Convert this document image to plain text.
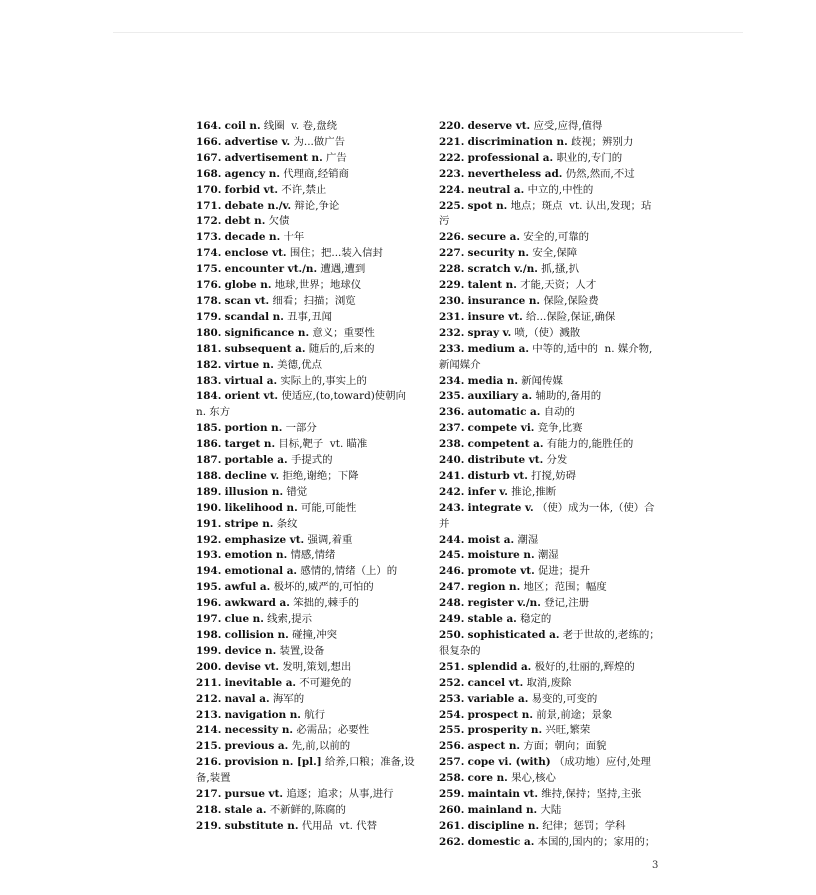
164. coil n. 线圈  v. 卷,盘绕
166. advertise v. 为...做广告
167. advertisement n. 广告
168. agency n. 代理商,经销商
170. forbid vt. 不许,禁止
171. debate n./v. 辩论,争论
172. debt n. 欠债
173. decade n. 十年
174. enclose vt. 围住；把...装入信封
175. encounter vt./n. 遭遇,遭到
176. globe n. 地球,世界；地球仪
178. scan vt. 细看；扫描；浏览
179. scandal n. 丑事,丑闻
180. significance n. 意义；重要性
181. subsequent a. 随后的,后来的
182. virtue n. 美德,优点
183. virtual a. 实际上的,事实上的
184. orient vt. 使适应,(to,toward)使朝向  n. 东方
185. portion n. 一部分
186. target n. 目标,靶子  vt. 瞄准
187. portable a. 手提式的
188. decline v. 拒绝,谢绝；下降
189. illusion n. 错觉
190. likelihood n. 可能,可能性
191. stripe n. 条纹
192. emphasize vt. 强调,着重
193. emotion n. 情感,情绪
194. emotional a. 感情的,情绪（上）的
195. awful a. 极坏的,威严的,可怕的
196. awkward a. 笨拙的,棘手的
197. clue n. 线索,提示
198. collision n. 碰撞,冲突
199. device n. 装置,设备
200. devise vt. 发明,策划,想出
211. inevitable a. 不可避免的
212. naval a. 海军的
213. navigation n. 航行
214. necessity n. 必需品；必要性
215. previous a. 先,前,以前的
216. provision n. [pl.] 给养,口粮；准备,设备,装置
217. pursue vt. 追逐；追求；从事,进行
218. stale a. 不新鲜的,陈腐的
219. substitute n. 代用品  vt. 代替
220. deserve vt. 应受,应得,值得
221. discrimination n. 歧视；辨别力
222. professional a. 职业的,专门的
223. nevertheless ad. 仍然,然而,不过
224. neutral a. 中立的,中性的
225. spot n. 地点；斑点  vt. 认出,发现；玷污
226. secure a. 安全的,可靠的
227. security n. 安全,保障
228. scratch v./n. 抓,搔,扒
229. talent n. 才能,天资；人才
230. insurance n. 保险,保险费
231. insure vt. 给...保险,保证,确保
232. spray v. 喷,（使）溅散
233. medium a. 中等的,适中的  n. 媒介物,新闻媒介
234. media n. 新闻传媒
235. auxiliary a. 辅助的,备用的
236. automatic a. 自动的
237. compete vi. 竞争,比赛
238. competent a. 有能力的,能胜任的
240. distribute vt. 分发
241. disturb vt. 打搅,妨碍
242. infer v. 推论,推断
243. integrate v. （使）成为一体,（使）合并
244. moist a. 潮湿
245. moisture n. 潮湿
246. promote vt. 促进；提升
247. region n. 地区；范围；幅度
248. register v./n. 登记,注册
249. stable a. 稳定的
250. sophisticated a. 老于世故的,老练的；很复杂的
251. splendid a. 极好的,壮丽的,辉煌的
252. cancel vt. 取消,废除
253. variable a. 易变的,可变的
254. prospect n. 前景,前途；景象
255. prosperity n. 兴旺,繁荣
256. aspect n. 方面；朝向；面貌
257. cope vi. (with) （成功地）应付,处理
258. core n. 果心,核心
259. maintain vt. 维持,保持；坚持,主张
260. mainland n. 大陆
261. discipline n. 纪律；惩罚；学科
262. domestic a. 本国的,国内的；家用的；
3
